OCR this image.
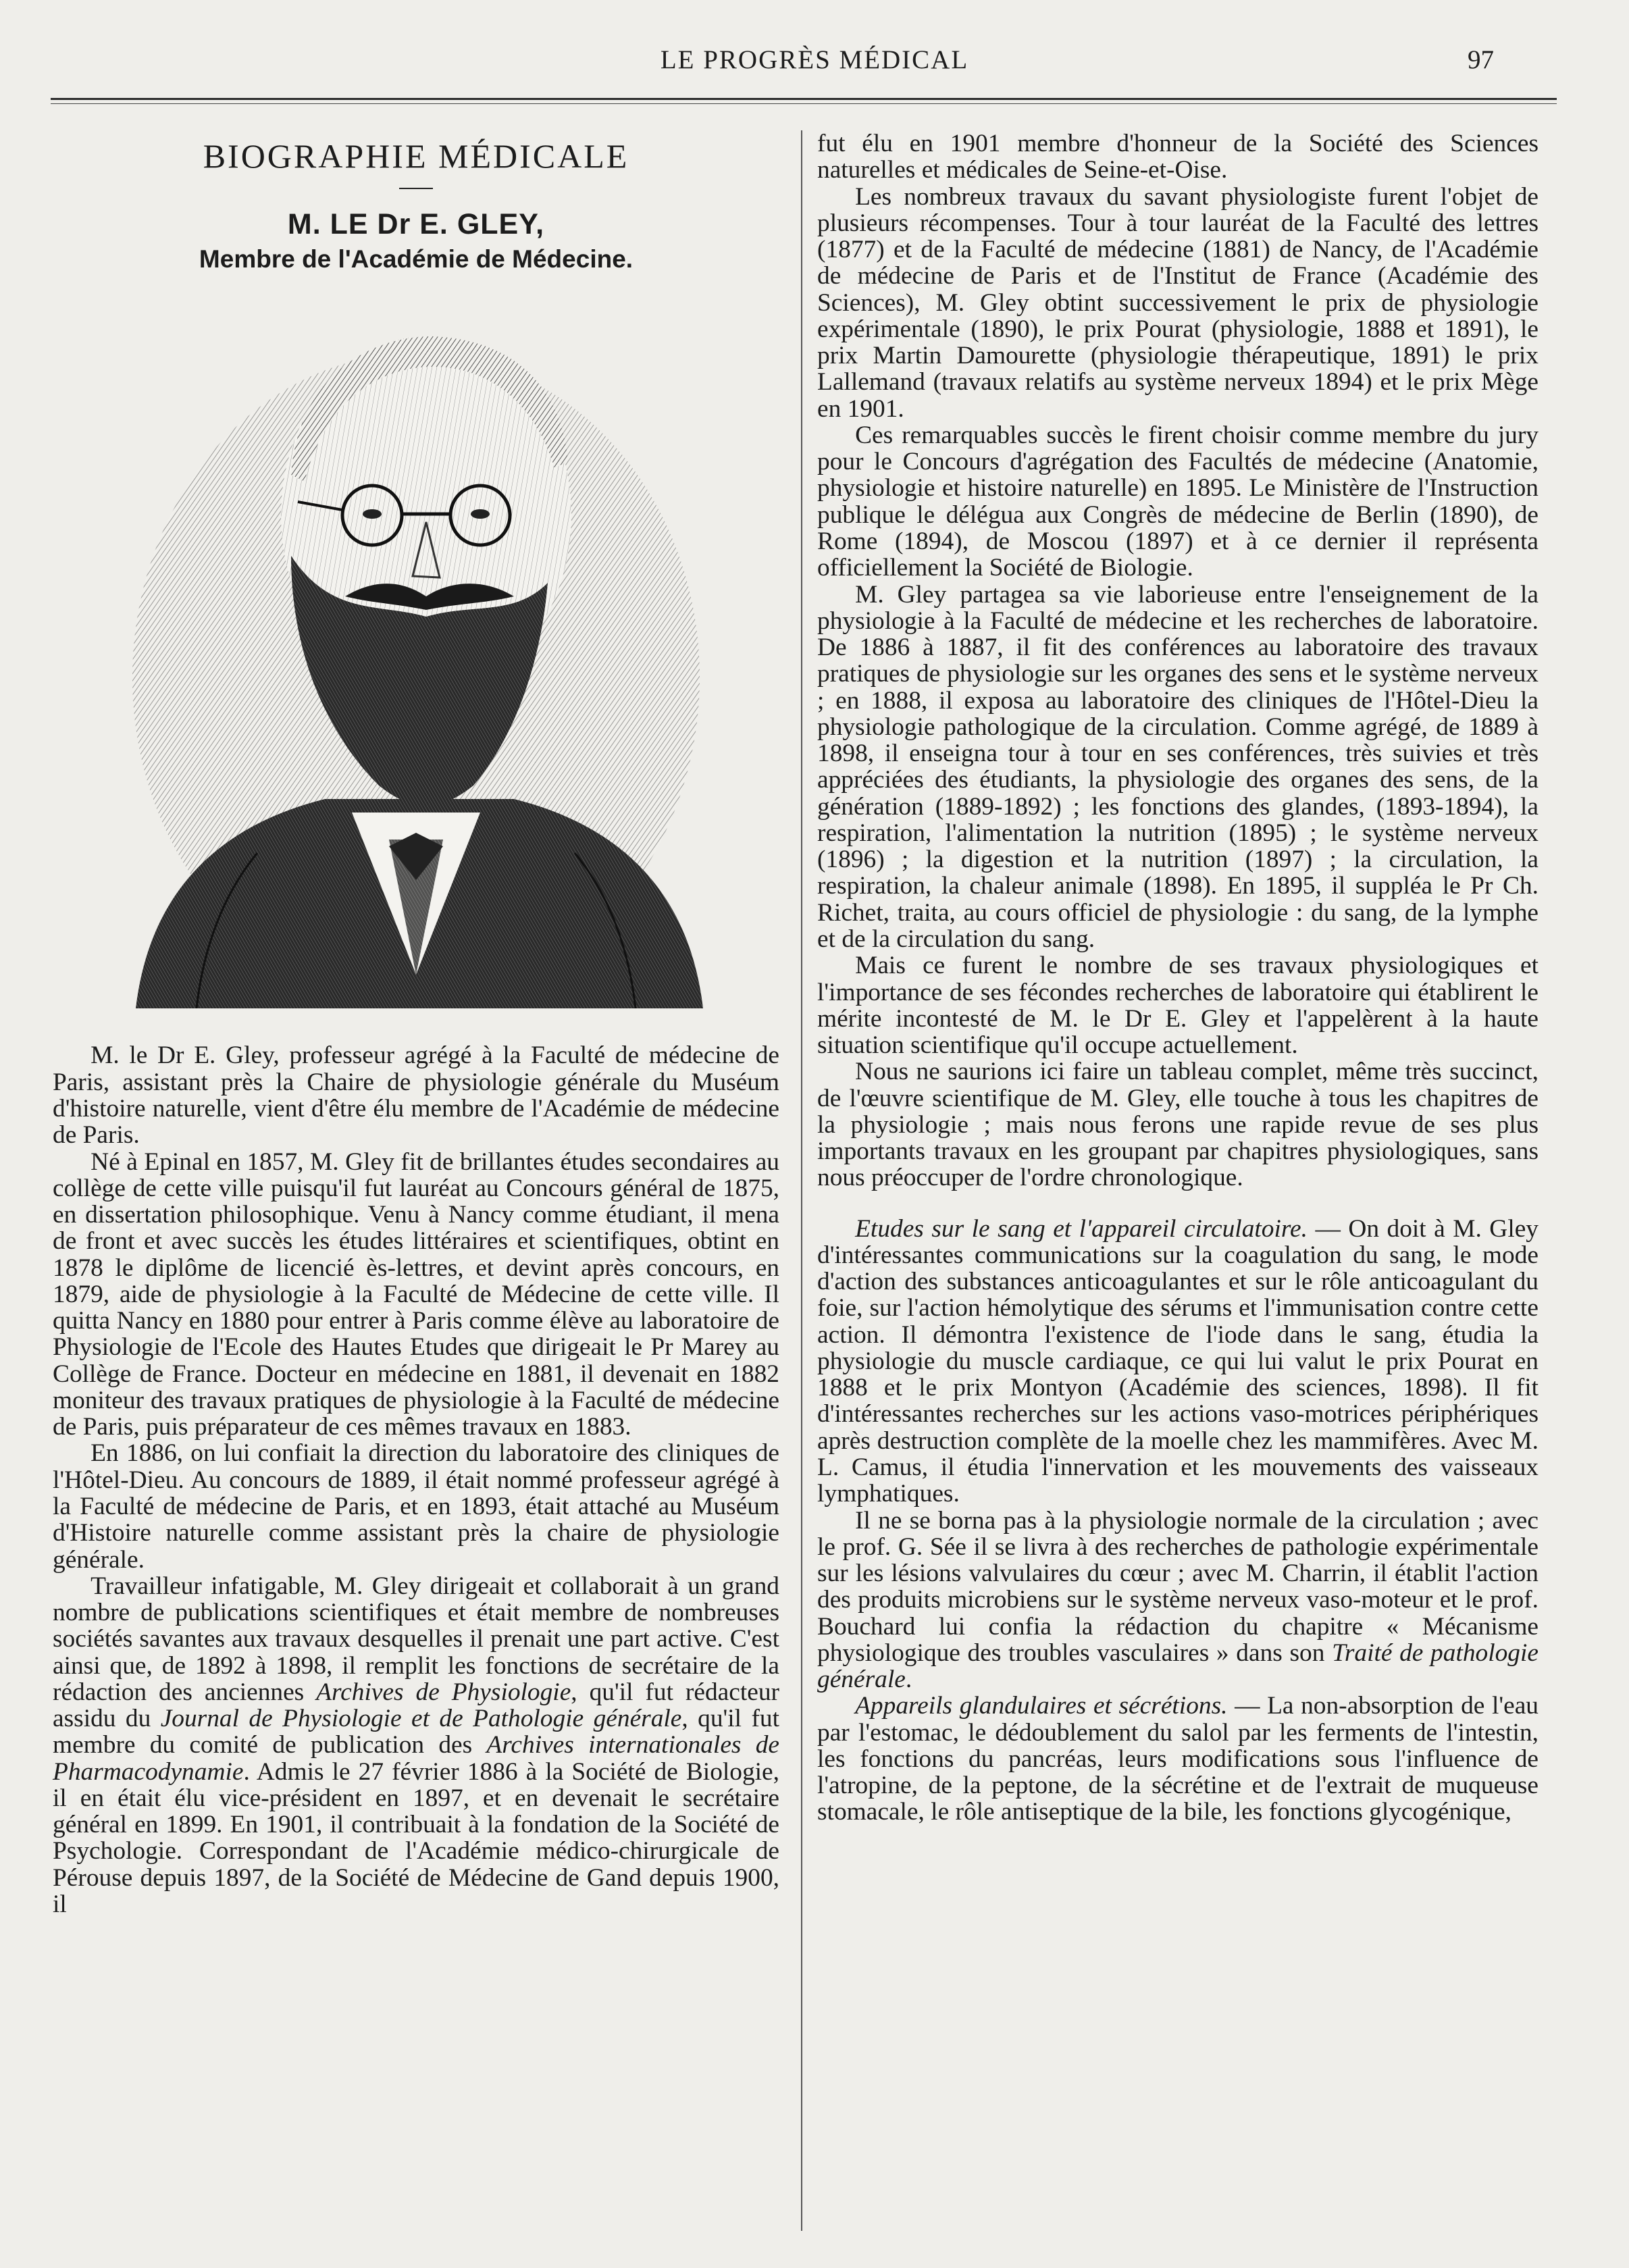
LE PROGRÈS MÉDICAL	97
BIOGRAPHIE MÉDICALE
M. LE Dr E. GLEY,
Membre de l'Académie de Médecine.

M. le Dr E. Gley, professeur agrégé à la Faculté de médecine de Paris, assistant près la Chaire de physiologie générale du Muséum d'histoire naturelle, vient d'être élu membre de l'Académie de médecine de Paris.

Né à Epinal en 1857, M. Gley fit de brillantes études secondaires au collège de cette ville puisqu'il fut lauréat au Concours général de 1875, en dissertation philosophique. Venu à Nancy comme étudiant, il mena de front et avec succès les études littéraires et scientifiques, obtint en 1878 le diplôme de licencié ès-lettres, et devint après concours, en 1879, aide de physiologie à la Faculté de Médecine de cette ville. Il quitta Nancy en 1880 pour entrer à Paris comme élève au laboratoire de Physiologie de l'Ecole des Hautes Etudes que dirigeait le Pr Marey au Collège de France. Docteur en médecine en 1881, il devenait en 1882 moniteur des travaux pratiques de physiologie à la Faculté de médecine de Paris, puis préparateur de ces mêmes travaux en 1883.

En 1886, on lui confiait la direction du laboratoire des cliniques de l'Hôtel-Dieu. Au concours de 1889, il était nommé professeur agrégé à la Faculté de médecine de Paris, et en 1893, était attaché au Muséum d'Histoire naturelle comme assistant près la chaire de physiologie générale.

Travailleur infatigable, M. Gley dirigeait et collaborait à un grand nombre de publications scientifiques et était membre de nombreuses sociétés savantes aux travaux desquelles il prenait une part active. C'est ainsi que, de 1892 à 1898, il remplit les fonctions de secrétaire de la rédaction des anciennes Archives de Physiologie, qu'il fut rédacteur assidu du Journal de Physiologie et de Pathologie générale, qu'il fut membre du comité de publication des Archives internationales de Pharmacodynamie. Admis le 27 février 1886 à la Société de Biologie, il en était élu vice-président en 1897, et en devenait le secrétaire général en 1899. En 1901, il contribuait à la fondation de la Société de Psychologie. Correspondant de l'Académie médico-chirurgicale de Pérouse depuis 1897, de la Société de Médecine de Gand depuis 1900, il

fut élu en 1901 membre d'honneur de la Société des Sciences naturelles et médicales de Seine-et-Oise.

Les nombreux travaux du savant physiologiste furent l'objet de plusieurs récompenses. Tour à tour lauréat de la Faculté des lettres (1877) et de la Faculté de médecine (1881) de Nancy, de l'Académie de médecine de Paris et de l'Institut de France (Académie des Sciences), M. Gley obtint successivement le prix de physiologie expérimentale (1890), le prix Pourat (physiologie, 1888 et 1891), le prix Martin Damourette (physiologie thérapeutique, 1891) le prix Lallemand (travaux relatifs au système nerveux 1894) et le prix Mège en 1901.

Ces remarquables succès le firent choisir comme membre du jury pour le Concours d'agrégation des Facultés de médecine (Anatomie, physiologie et histoire naturelle) en 1895. Le Ministère de l'Instruction publique le délégua aux Congrès de médecine de Berlin (1890), de Rome (1894), de Moscou (1897) et à ce dernier il représenta officiellement la Société de Biologie.

M. Gley partagea sa vie laborieuse entre l'enseignement de la physiologie à la Faculté de médecine et les recherches de laboratoire. De 1886 à 1887, il fit des conférences au laboratoire des travaux pratiques de physiologie sur les organes des sens et le système nerveux ; en 1888, il exposa au laboratoire des cliniques de l'Hôtel-Dieu la physiologie pathologique de la circulation. Comme agrégé, de 1889 à 1898, il enseigna tour à tour en ses conférences, très suivies et très appréciées des étudiants, la physiologie des organes des sens, de la génération (1889-1892) ; les fonctions des glandes, (1893-1894), la respiration, l'alimentation la nutrition (1895) ; le système nerveux (1896) ; la digestion et la nutrition (1897) ; la circulation, la respiration, la chaleur animale (1898). En 1895, il suppléa le Pr Ch. Richet, traita, au cours officiel de physiologie : du sang, de la lymphe et de la circulation du sang.

Mais ce furent le nombre de ses travaux physiologiques et l'importance de ses fécondes recherches de laboratoire qui établirent le mérite incontesté de M. le Dr E. Gley et l'appelèrent à la haute situation scientifique qu'il occupe actuellement.

Nous ne saurions ici faire un tableau complet, même très succinct, de l'œuvre scientifique de M. Gley, elle touche à tous les chapitres de la physiologie ; mais nous ferons une rapide revue de ses plus importants travaux en les groupant par chapitres physiologiques, sans nous préoccuper de l'ordre chronologique.

Etudes sur le sang et l'appareil circulatoire. — On doit à M. Gley d'intéressantes communications sur la coagulation du sang, le mode d'action des substances anticoagulantes et sur le rôle anticoagulant du foie, sur l'action hémolytique des sérums et l'immunisation contre cette action. Il démontra l'existence de l'iode dans le sang, étudia la physiologie du muscle cardiaque, ce qui lui valut le prix Pourat en 1888 et le prix Montyon (Académie des sciences, 1898). Il fit d'intéressantes recherches sur les actions vaso-motrices périphériques après destruction complète de la moelle chez les mammifères. Avec M. L. Camus, il étudia l'innervation et les mouvements des vaisseaux lymphatiques.

Il ne se borna pas à la physiologie normale de la circulation ; avec le prof. G. Sée il se livra à des recherches de pathologie expérimentale sur les lésions valvulaires du cœur ; avec M. Charrin, il établit l'action des produits microbiens sur le système nerveux vaso-moteur et le prof. Bouchard lui confia la rédaction du chapitre « Mécanisme physiologique des troubles vasculaires » dans son Traité de pathologie générale.

Appareils glandulaires et sécrétions. — La non-absorption de l'eau par l'estomac, le dédoublement du salol par les ferments de l'intestin, les fonctions du pancréas, leurs modifications sous l'influence de l'atropine, de la peptone, de la sécrétine et de l'extrait de muqueuse stomacale, le rôle antiseptique de la bile, les fonctions glycogénique,
